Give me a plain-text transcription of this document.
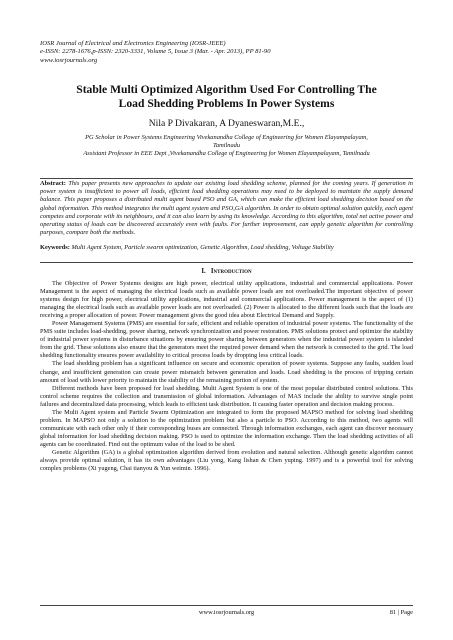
IOSR Journal of Electrical and Electronics Engineering (IOSR-JEEE)
e-ISSN: 2278-1676,p-ISSN: 2320-3331, Volume 5, Issue 3 (Mar. - Apr. 2013), PP 81-90
www.iosrjournals.org
Stable Multi Optimized Algorithm Used For Controlling The
Load Shedding Problems In Power Systems
Nila P Divakaran, A Dyaneswaran,M.E.,
PG Scholar in Power Systems Engineering Vivekanandha College of Engineering for Women Elayampalayam,
Tamilnadu
Assistant Professor in EEE Dept ,Vivekanandha College of Engineering for Women Elayampalayam, Tamilnadu
Abstract: This paper presents new approaches to update our existing load shedding scheme, planned for the coming years. If generation in power system is insufficient to power all loads, efficient load shedding operations may need to be deployed to maintain the supply demand balance. This paper proposes a distributed multi agent based PSO and GA, which can make the efficient load shedding decision based on the global information. This method integrates the multi agent system and PSO,GA algorithm. In order to obtain optimal solution quickly, each agent competes and corporate with its neighbours, and it can also learn by using its knowledge. According to this algorithm, total net active power and operating status of loads can be discovered accurately even with faults. For further improvement, can apply genetic algorithm for controlling purposes, compare both the methods.
Keywords: Multi Agent System, Particle swarm optimization, Genetic Algorithm, Load shedding, Voltage Stability
I. Introduction

The Objective of Power Systems designs are high power, electrical utility applications, industrial and commercial applications. Power Management is the aspect of managing the electrical loads such as available power loads are not overloaded.The important objective of power systems design for high power, electrical utility applications, industrial and commercial applications. Power management is the aspect of (1) managing the electrical loads such as available power loads are not overloaded. (2) Power is allocated to the different loads such that the loads are receiving a proper allocation of power. Power management gives the good idea about Electrical Demand and Supply.

Power Management Systems (PMS) are essential for safe, efficient and reliable operation of industrial power systems. The functionality of the PMS suite includes load-shedding, power sharing, network synchronization and power restoration. PMS solutions protect and optimize the stability of industrial power systems in disturbance situations by ensuring power sharing between generators when the industrial power system is islanded from the grid. These solutions also ensure that the generators meet the required power demand when the network is connected to the grid. The load shedding functionality ensures power availability to critical process loads by dropping less critical loads.

The load shedding problem has a significant influence on secure and economic operation of power systems. Suppose any faults, sudden load change, and insufficient generation can create power mismatch between generation and loads. Load shedding is the process of tripping certain amount of load with lower priority to maintain the stability of the remaining portion of system.

Different methods have been proposed for load shedding. Multi Agent System is one of the most popular distributed control solutions. This control scheme requires the collection and transmission of global information. Advantages of MAS include the ability to survive single point failures and decentralized data processing, which leads to efficient task distribution. It causing faster operation and decision making process.

The Multi Agent system and Particle Swarm Optimization are integrated to form the proposed MAPSO method for solving load shedding problem. In MAPSO not only a solution to the optimization problem but also a particle to PSO. According to this method, two agents will communicate with each other only if their corresponding buses are connected. Through information exchanges, each agent can discover necessary global information for load shedding decision making. PSO is used to optimize the information exchange. Then the load shedding activities of all agents can be coordinated. Find out the optimum value of the load to be shed.

Genetic Algorithm (GA) is a global optimization algorithm derived from evolution and natural selection. Although genetic algorithm cannot always provide optimal solution, it has its own advantages (Liu yong, Kang lishan & Chen yuping. 1997) and is a powerful tool for solving complex problems (Xi yugeng, Chai tianyou & Yun weimin. 1996).

www.iosrjournals.org	81 | Page
